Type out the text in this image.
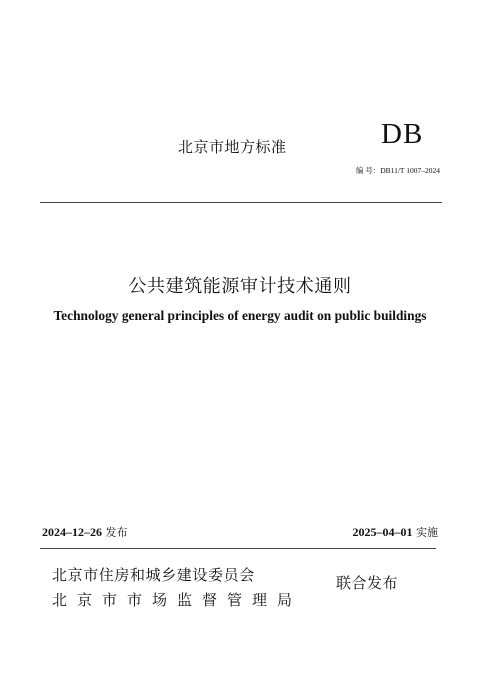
北京市地方标准	DB
编 号：DB11/T 1007–2024
公共建筑能源审计技术通则
Technology general principles of energy audit on public buildings
2024–12–26 发布	2025–04–01 实施
北京市住房和城乡建设委员会
北京市市场监督管理局
联合发布
